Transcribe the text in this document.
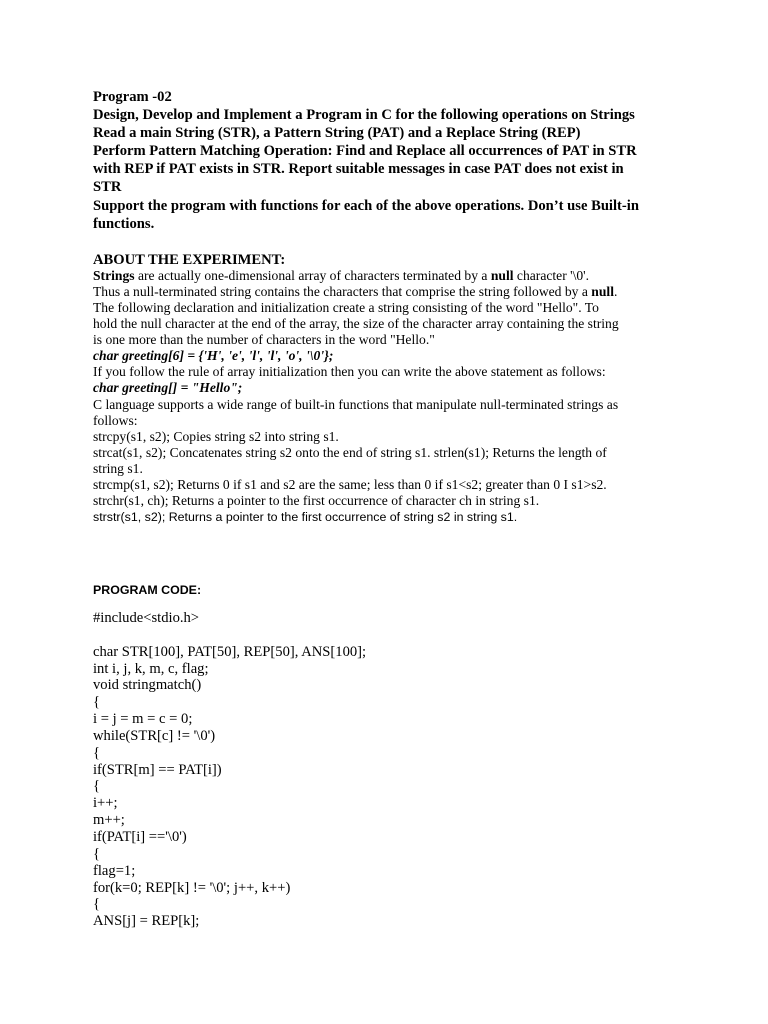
Program -02
Design, Develop and Implement a Program in C for the following operations on Strings
Read a main String (STR), a Pattern String (PAT) and a Replace String (REP)
Perform Pattern Matching Operation: Find and Replace all occurrences of PAT in STR
with REP if PAT exists in STR. Report suitable messages in case PAT does not exist in
STR
Support the program with functions for each of the above operations. Don’t use Built-in
functions.
ABOUT THE EXPERIMENT:
Strings are actually one-dimensional array of characters terminated by a null character '\0'.
Thus a null-terminated string contains the characters that comprise the string followed by a null.
The following declaration and initialization create a string consisting of the word "Hello". To
hold the null character at the end of the array, the size of the character array containing the string
is one more than the number of characters in the word "Hello."
char greeting[6] = {'H', 'e', 'l', 'l', 'o', '\0'};
If you follow the rule of array initialization then you can write the above statement as follows:
char greeting[] = "Hello";
C language supports a wide range of built-in functions that manipulate null-terminated strings as
follows:
strcpy(s1, s2); Copies string s2 into string s1.
strcat(s1, s2); Concatenates string s2 onto the end of string s1. strlen(s1); Returns the length of
string s1.
strcmp(s1, s2); Returns 0 if s1 and s2 are the same; less than 0 if s1<s2; greater than 0 I s1>s2.
strchr(s1, ch); Returns a pointer to the first occurrence of character ch in string s1.
strstr(s1, s2); Returns a pointer to the first occurrence of string s2 in string s1.
PROGRAM CODE:
#include<stdio.h>
char STR[100], PAT[50], REP[50], ANS[100];
int i, j, k, m, c, flag;
void stringmatch()
{
i = j = m = c = 0;
while(STR[c] != '\0')
{
if(STR[m] == PAT[i])
{
i++;
m++;
if(PAT[i] =='\0')
{
flag=1;
for(k=0; REP[k] != '\0'; j++, k++)
{
ANS[j] = REP[k];
